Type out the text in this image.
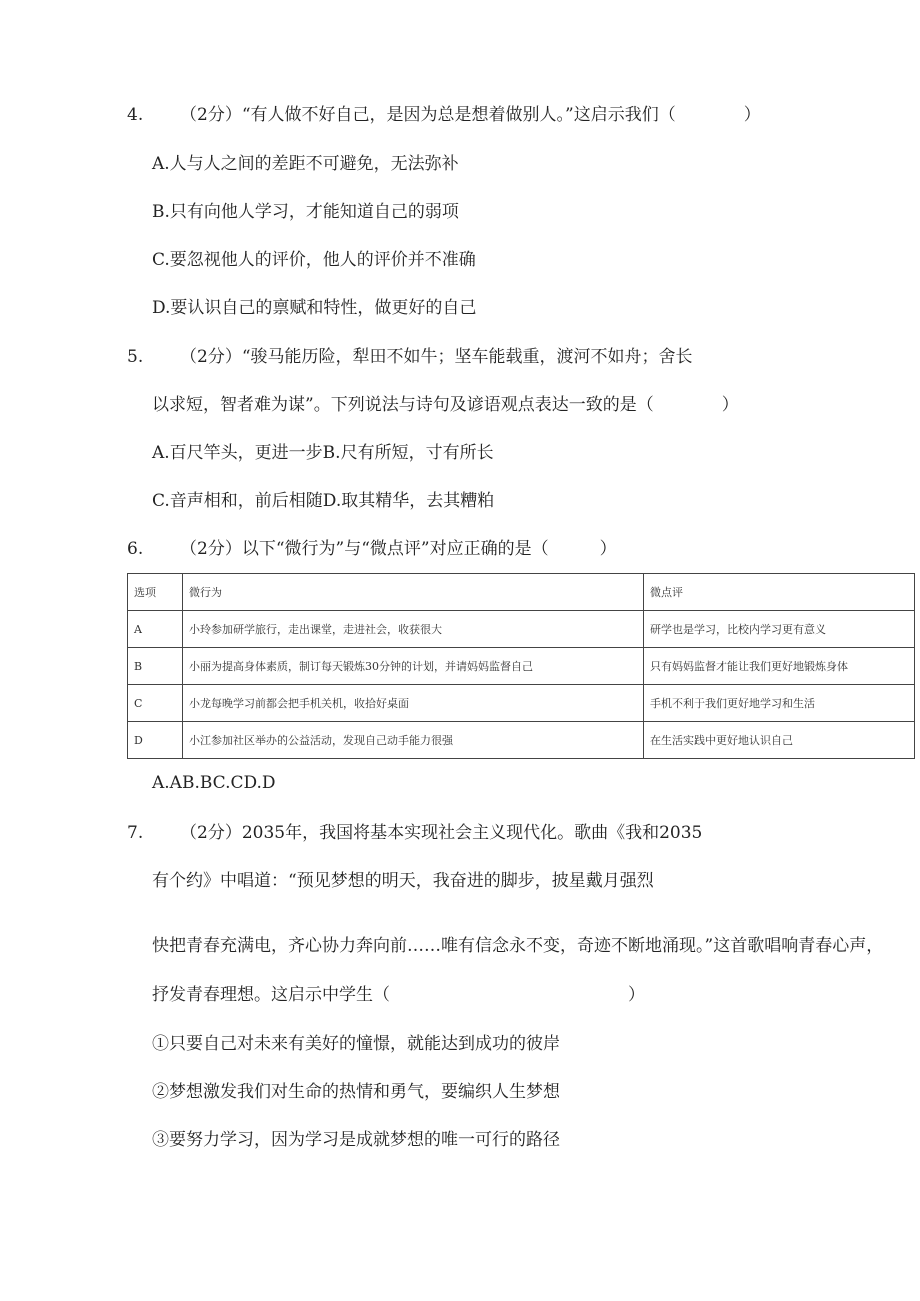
4. （2分）“有人做不好自己，是因为总是想着做别人。”这启示我们（　　　　）
A.人与人之间的差距不可避免，无法弥补
B.只有向他人学习，才能知道自己的弱项
C.要忽视他人的评价，他人的评价并不准确
D.要认识自己的禀赋和特性，做更好的自己
5. （2分）“骏马能历险，犁田不如牛；坚车能载重，渡河不如舟；舍长
以求短，智者难为谋”。下列说法与诗句及谚语观点表达一致的是（　　　　）
A.百尺竿头，更进一步B.尺有所短，寸有所长
C.音声相和，前后相随D.取其精华，去其糟粕
6. （2分）以下“微行为”与“微点评”对应正确的是（　　　）
选项	微行为	微点评
A	小玲参加研学旅行，走出课堂，走进社会，收获很大	研学也是学习，比校内学习更有意义
B	小丽为提高身体素质，制订每天锻炼30分钟的计划，并请妈妈监督自己	只有妈妈监督才能让我们更好地锻炼身体
C	小龙每晚学习前都会把手机关机，收拾好桌面	手机不利于我们更好地学习和生活
D	小江参加社区举办的公益活动，发现自己动手能力很强	在生活实践中更好地认识自己
A.AB.BC.CD.D
7. （2分）2035年，我国将基本实现社会主义现代化。歌曲《我和2035
有个约》中唱道：“预见梦想的明天，我奋进的脚步，披星戴月强烈
快把青春充满电，齐心协力奔向前……唯有信念永不变，奇迹不断地涌现。”这首歌唱响青春心声，
抒发青春理想。这启示中学生（　　　　　　　　　　　　　　）
①只要自己对未来有美好的憧憬，就能达到成功的彼岸
②梦想激发我们对生命的热情和勇气，要编织人生梦想
③要努力学习，因为学习是成就梦想的唯一可行的路径
